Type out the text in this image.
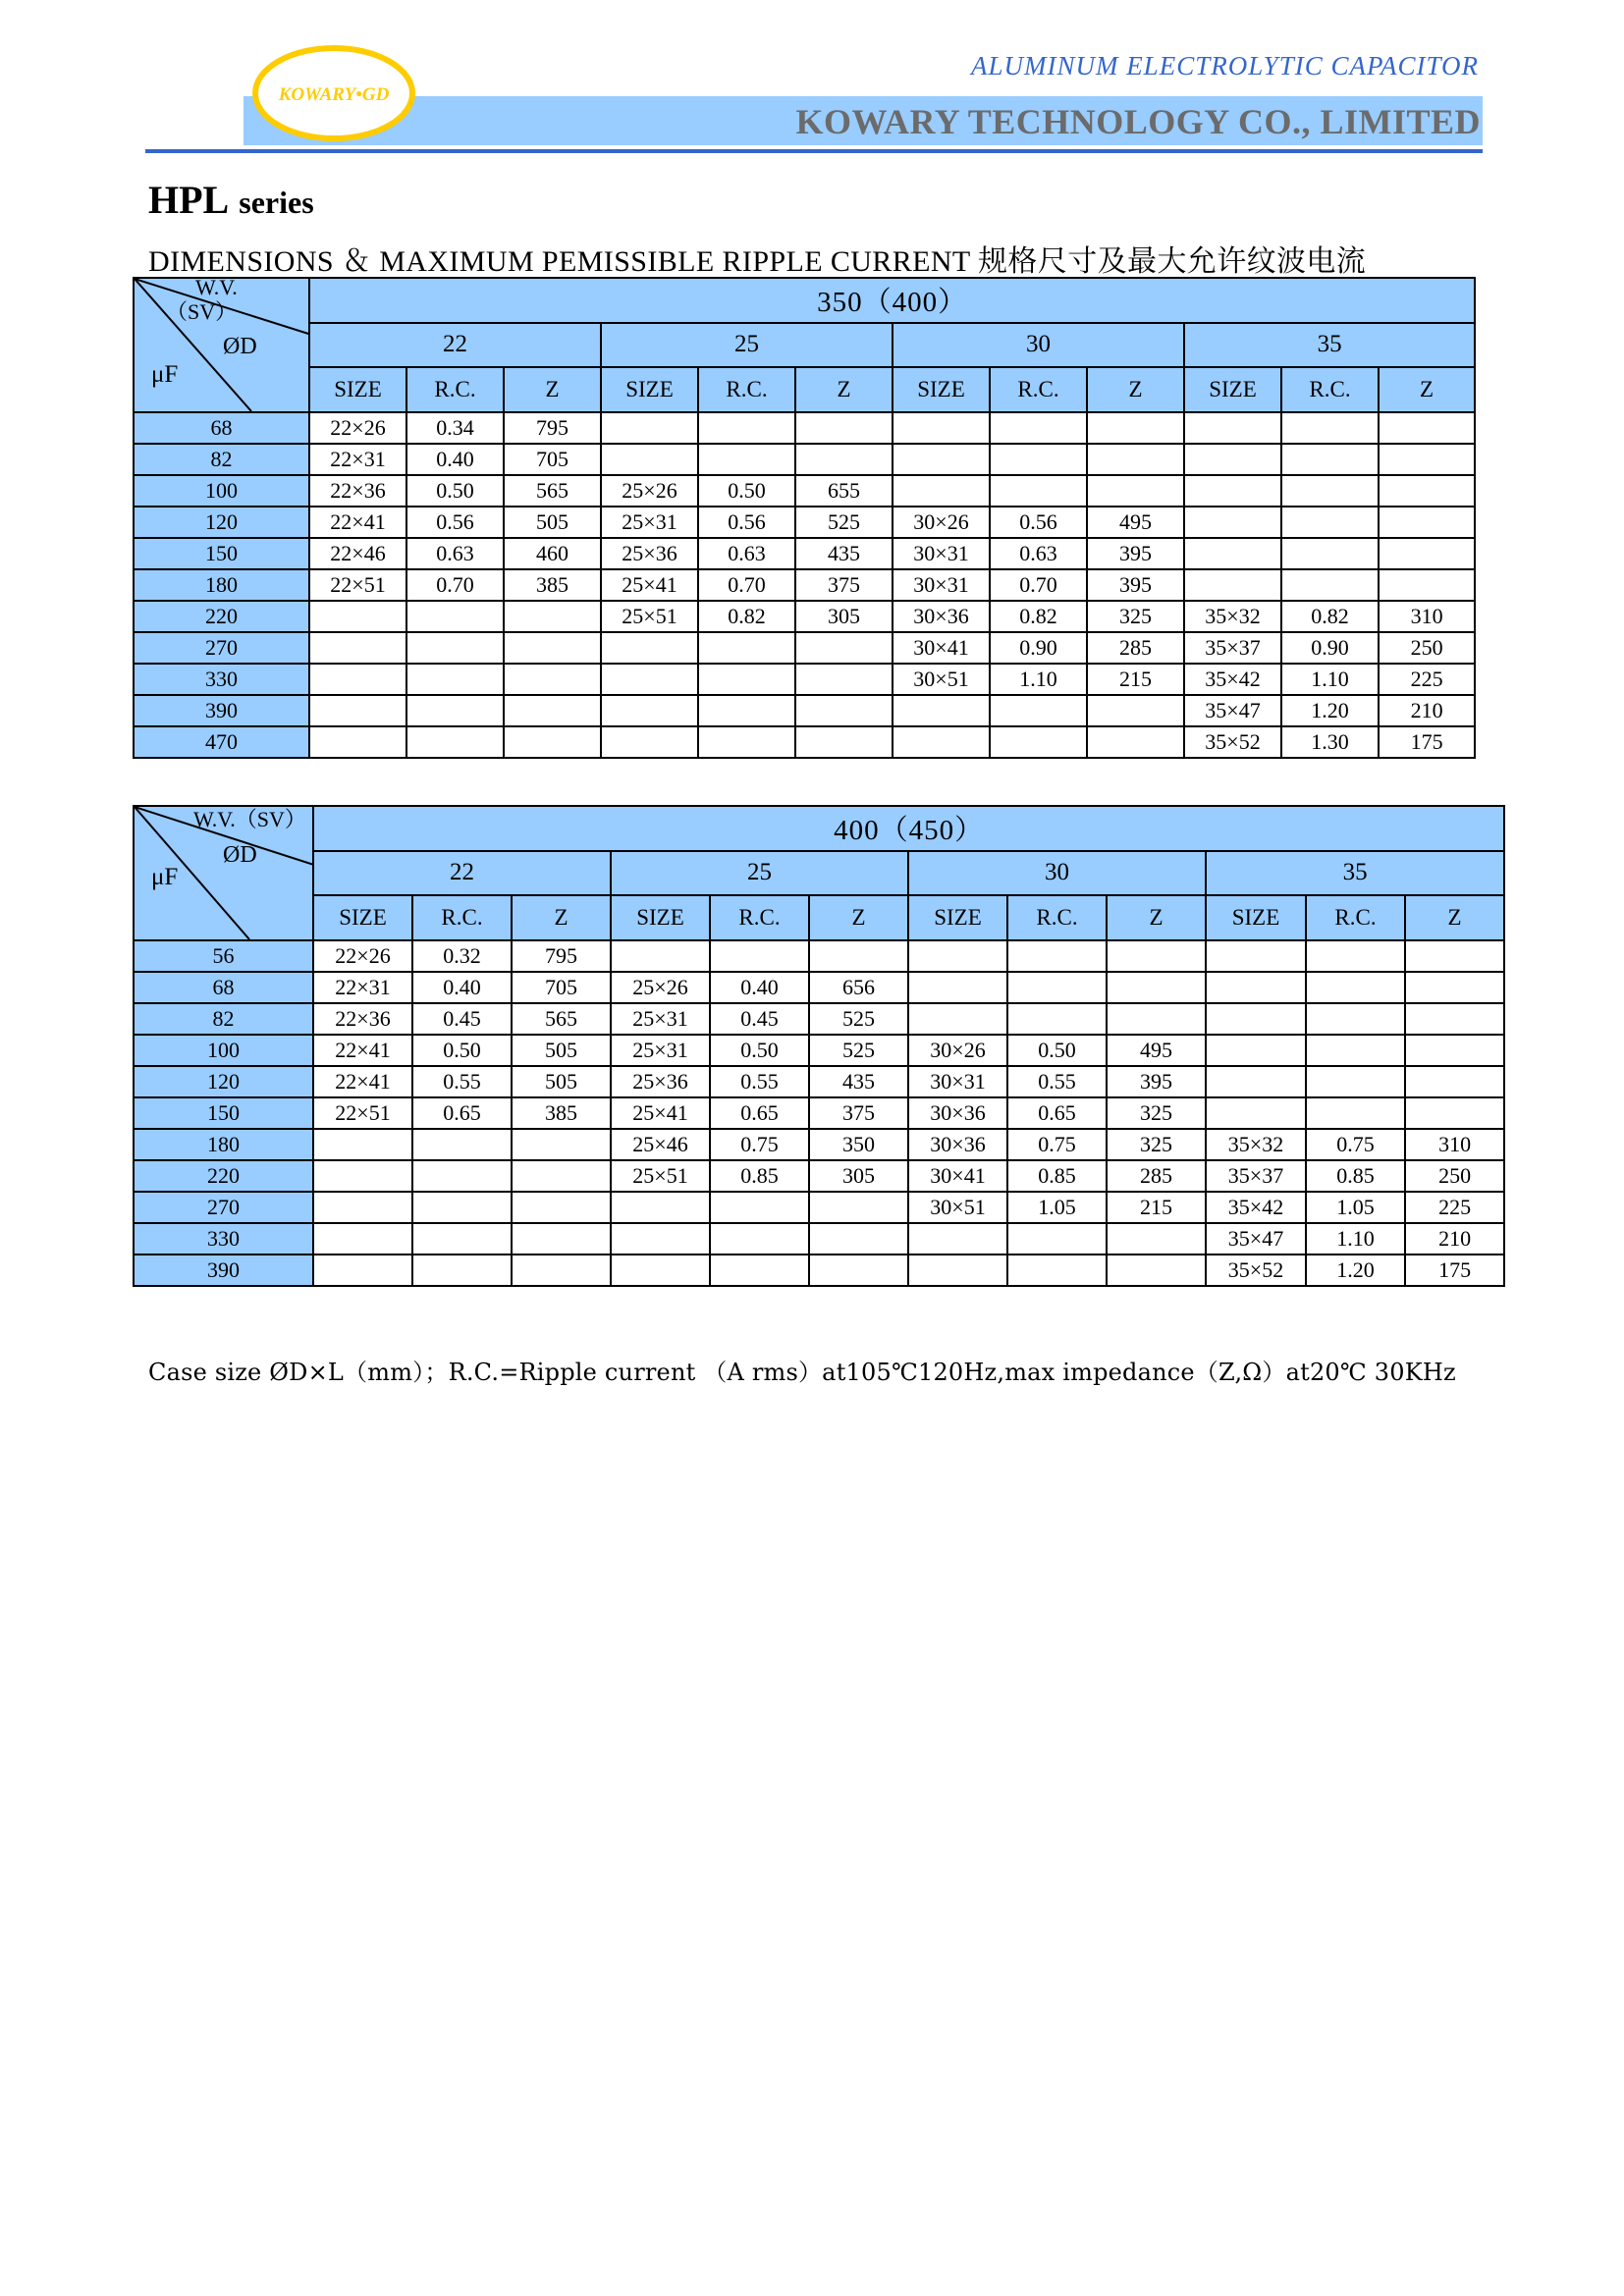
ALUMINUM ELECTROLYTIC CAPACITOR
KOWARY TECHNOLOGY CO., LIMITED
KOWARY•GD
HPL series
DIMENSIONS ＆ MAXIMUM PEMISSIBLE RIPPLE CURRENT 规格尺寸及最大允许纹波电流
W.V.
（SV）
ØD
μF	350（400）											
	22			25			30			35		
	SIZE	R.C.	Z	SIZE	R.C.	Z	SIZE	R.C.	Z	SIZE	R.C.	Z
68	22×26	0.34	795									
82	22×31	0.40	705									
100	22×36	0.50	565	25×26	0.50	655						
120	22×41	0.56	505	25×31	0.56	525	30×26	0.56	495			
150	22×46	0.63	460	25×36	0.63	435	30×31	0.63	395			
180	22×51	0.70	385	25×41	0.70	375	30×31	0.70	395			
220				25×51	0.82	305	30×36	0.82	325	35×32	0.82	310
270							30×41	0.90	285	35×37	0.90	250
330							30×51	1.10	215	35×42	1.10	225
390										35×47	1.20	210
470										35×52	1.30	175
W.V.（SV）
ØD
μF	400（450）											
	22			25			30			35		
	SIZE	R.C.	Z	SIZE	R.C.	Z	SIZE	R.C.	Z	SIZE	R.C.	Z
56	22×26	0.32	795									
68	22×31	0.40	705	25×26	0.40	656						
82	22×36	0.45	565	25×31	0.45	525						
100	22×41	0.50	505	25×31	0.50	525	30×26	0.50	495			
120	22×41	0.55	505	25×36	0.55	435	30×31	0.55	395			
150	22×51	0.65	385	25×41	0.65	375	30×36	0.65	325			
180				25×46	0.75	350	30×36	0.75	325	35×32	0.75	310
220				25×51	0.85	305	30×41	0.85	285	35×37	0.85	250
270							30×51	1.05	215	35×42	1.05	225
330										35×47	1.10	210
390										35×52	1.20	175
Case size ØD×L（mm）；R.C.=Ripple current （A rms）at105℃120Hz,max impedance（Z,Ω）at20℃ 30KHz
